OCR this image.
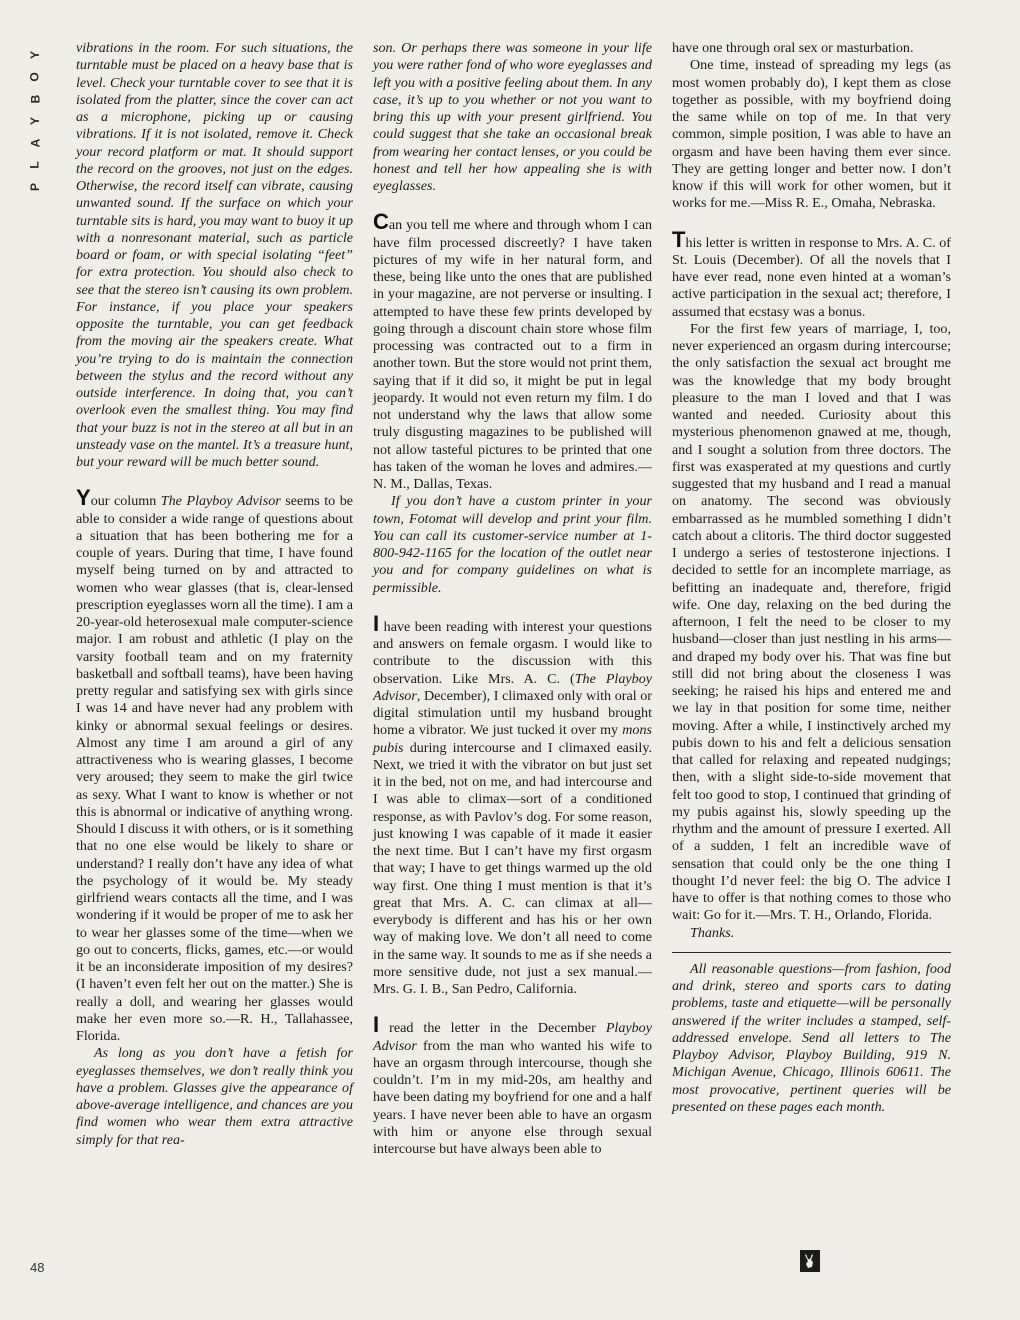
Y
O
B
Y
A
L
P
48

vibrations in the room. For such situations, the turntable must be placed on a heavy base that is level. Check your turntable cover to see that it is isolated from the platter, since the cover can act as a microphone, picking up or causing vibrations. If it is not isolated, remove it. Check your record platform or mat. It should support the record on the grooves, not just on the edges. Otherwise, the record itself can vibrate, causing unwanted sound. If the surface on which your turntable sits is hard, you may want to buoy it up with a nonresonant material, such as particle board or foam, or with special isolating “feet” for extra protection. You should also check to see that the stereo isn’t causing its own problem. For instance, if you place your speakers opposite the turntable, you can get feedback from the moving air the speakers create. What you’re trying to do is maintain the connection between the stylus and the record without any outside interference. In doing that, you can’t overlook even the smallest thing. You may find that your buzz is not in the stereo at all but in an unsteady vase on the mantel. It’s a treasure hunt, but your reward will be much better sound.

Your column The Playboy Advisor seems to be able to consider a wide range of questions about a situation that has been bothering me for a couple of years. During that time, I have found myself being turned on by and attracted to women who wear glasses (that is, clear-lensed prescription eyeglasses worn all the time). I am a 20-year-old heterosexual male computer-science major. I am robust and athletic (I play on the varsity football team and on my fraternity basketball and softball teams), have been having pretty regular and satisfying sex with girls since I was 14 and have never had any problem with kinky or abnormal sexual feelings or desires. Almost any time I am around a girl of any attractiveness who is wearing glasses, I become very aroused; they seem to make the girl twice as sexy. What I want to know is whether or not this is abnormal or indicative of anything wrong. Should I discuss it with others, or is it something that no one else would be likely to share or understand? I really don’t have any idea of what the psychology of it would be. My steady girlfriend wears contacts all the time, and I was wondering if it would be proper of me to ask her to wear her glasses some of the time—when we go out to concerts, flicks, games, etc.—or would it be an inconsiderate imposition of my desires? (I haven’t even felt her out on the matter.) She is really a doll, and wearing her glasses would make her even more so.—R. H., Tallahassee, Florida.

As long as you don’t have a fetish for eyeglasses themselves, we don’t really think you have a problem. Glasses give the appearance of above-average intelligence, and chances are you find women who wear them extra attractive simply for that rea-

son. Or perhaps there was someone in your life you were rather fond of who wore eyeglasses and left you with a positive feeling about them. In any case, it’s up to you whether or not you want to bring this up with your present girlfriend. You could suggest that she take an occasional break from wearing her contact lenses, or you could be honest and tell her how appealing she is with eyeglasses.

Can you tell me where and through whom I can have film processed discreetly? I have taken pictures of my wife in her natural form, and these, being like unto the ones that are published in your magazine, are not perverse or insulting. I attempted to have these few prints developed by going through a discount chain store whose film processing was contracted out to a firm in another town. But the store would not print them, saying that if it did so, it might be put in legal jeopardy. It would not even return my film. I do not understand why the laws that allow some truly disgusting magazines to be published will not allow tasteful pictures to be printed that one has taken of the woman he loves and admires.—N. M., Dallas, Texas.

If you don’t have a custom printer in your town, Fotomat will develop and print your film. You can call its customer-service number at 1-800-942-1165 for the location of the outlet near you and for company guidelines on what is permissible.

I have been reading with interest your questions and answers on female orgasm. I would like to contribute to the discussion with this observation. Like Mrs. A. C. (The Playboy Advisor, December), I climaxed only with oral or digital stimulation until my husband brought home a vibrator. We just tucked it over my mons pubis during intercourse and I climaxed easily. Next, we tried it with the vibrator on but just set it in the bed, not on me, and had intercourse and I was able to climax—sort of a conditioned response, as with Pavlov’s dog. For some reason, just knowing I was capable of it made it easier the next time. But I can’t have my first orgasm that way; I have to get things warmed up the old way first. One thing I must mention is that it’s great that Mrs. A. C. can climax at all—everybody is different and has his or her own way of making love. We don’t all need to come in the same way. It sounds to me as if she needs a more sensitive dude, not just a sex manual.—Mrs. G. I. B., San Pedro, California.

I read the letter in the December Playboy Advisor from the man who wanted his wife to have an orgasm through intercourse, though she couldn’t. I’m in my mid-20s, am healthy and have been dating my boyfriend for one and a half years. I have never been able to have an orgasm with him or anyone else through sexual intercourse but have always been able to

have one through oral sex or masturbation.

One time, instead of spreading my legs (as most women probably do), I kept them as close together as possible, with my boyfriend doing the same while on top of me. In that very common, simple position, I was able to have an orgasm and have been having them ever since. They are getting longer and better now. I don’t know if this will work for other women, but it works for me.—Miss R. E., Omaha, Nebraska.

This letter is written in response to Mrs. A. C. of St. Louis (December). Of all the novels that I have ever read, none even hinted at a woman’s active participation in the sexual act; therefore, I assumed that ecstasy was a bonus.

For the first few years of marriage, I, too, never experienced an orgasm during intercourse; the only satisfaction the sexual act brought me was the knowledge that my body brought pleasure to the man I loved and that I was wanted and needed. Curiosity about this mysterious phenomenon gnawed at me, though, and I sought a solution from three doctors. The first was exasperated at my questions and curtly suggested that my husband and I read a manual on anatomy. The second was obviously embarrassed as he mumbled something I didn’t catch about a clitoris. The third doctor suggested I undergo a series of testosterone injections. I decided to settle for an incomplete marriage, as befitting an inadequate and, therefore, frigid wife. One day, relaxing on the bed during the afternoon, I felt the need to be closer to my husband—closer than just nestling in his arms—and draped my body over his. That was fine but still did not bring about the closeness I was seeking; he raised his hips and entered me and we lay in that position for some time, neither moving. After a while, I instinctively arched my pubis down to his and felt a delicious sensation that called for relaxing and repeated nudgings; then, with a slight side-to-side movement that felt too good to stop, I continued that grinding of my pubis against his, slowly speeding up the rhythm and the amount of pressure I exerted. All of a sudden, I felt an incredible wave of sensation that could only be the one thing I thought I’d never feel: the big O. The advice I have to offer is that nothing comes to those who wait: Go for it.—Mrs. T. H., Orlando, Florida.

Thanks.

All reasonable questions—from fashion, food and drink, stereo and sports cars to dating problems, taste and etiquette—will be personally answered if the writer includes a stamped, self-addressed envelope. Send all letters to The Playboy Advisor, Playboy Building, 919 N. Michigan Avenue, Chicago, Illinois 60611. The most provocative, pertinent queries will be presented on these pages each month.
